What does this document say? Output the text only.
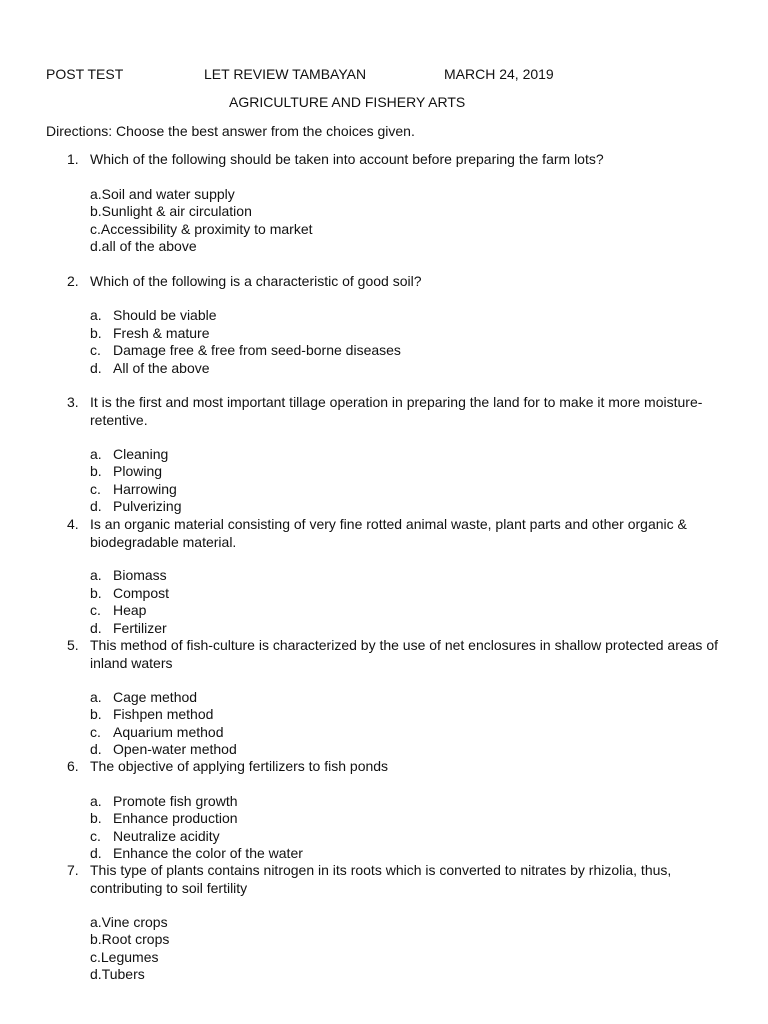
POST TEST	LET REVIEW TAMBAYAN	MARCH 24, 2019
AGRICULTURE AND FISHERY ARTS
Directions: Choose the best answer from the choices given.
1. Which of the following should be taken into account before preparing the farm lots?
a.Soil and water supply
b.Sunlight & air circulation
c.Accessibility & proximity to market
d.all of the above
2. Which of the following is a characteristic of good soil?
a. Should be viable
b. Fresh & mature
c. Damage free & free from seed-borne diseases
d. All of the above
3. It is the first and most important tillage operation in preparing the land for to make it more moisture-retentive.
a. Cleaning
b. Plowing
c. Harrowing
d. Pulverizing
4. Is an organic material consisting of very fine rotted animal waste, plant parts and other organic & biodegradable material.
a. Biomass
b. Compost
c. Heap
d. Fertilizer
5. This method of fish-culture is characterized by the use of net enclosures in shallow protected areas of inland waters
a. Cage method
b. Fishpen method
c. Aquarium method
d. Open-water method
6. The objective of applying fertilizers to fish ponds
a. Promote fish growth
b. Enhance production
c. Neutralize acidity
d. Enhance the color of the water
7. This type of plants contains nitrogen in its roots which is converted to nitrates by rhizolia, thus, contributing to soil fertility
a.Vine crops
b.Root crops
c.Legumes
d.Tubers
